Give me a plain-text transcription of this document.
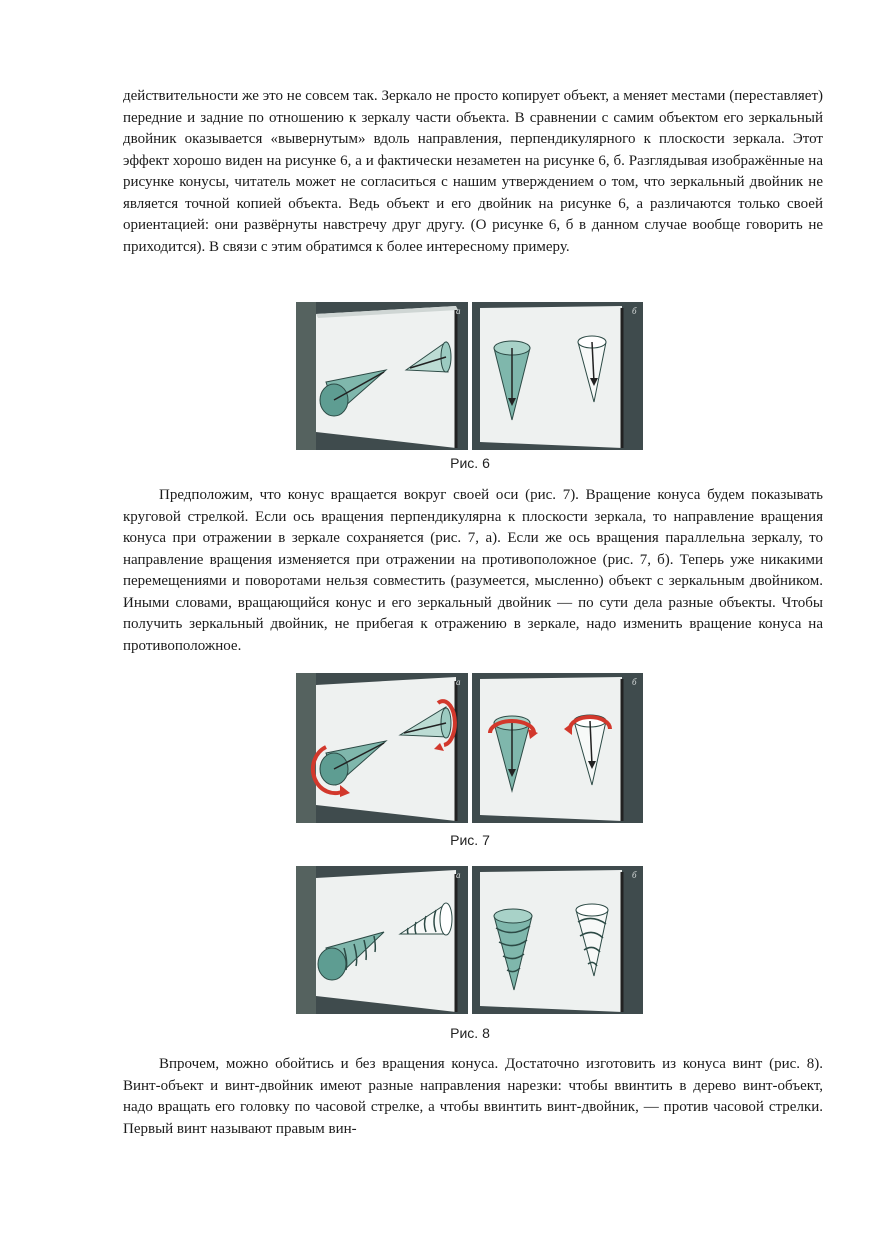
действительности же это не совсем так. Зеркало не просто копирует объект, а меняет местами (переставляет) передние и задние по отношению к зеркалу части объекта. В сравнении с самим объектом его зеркальный двойник оказывается «вывернутым» вдоль направления, перпендикулярного к плоскости зеркала. Этот эффект хорошо виден на рисунке 6, а и фактически незаметен на рисунке 6, б. Разглядывая изображённые на рисунке конусы, читатель может не согласиться с нашим утверждением о том, что зеркальный двойник не является точной копией объекта. Ведь объект и его двойник на рисунке 6, а различаются только своей ориентацией: они развёрнуты навстречу друг другу. (О рисунке 6, б в данном случае вообще говорить не приходится). В связи с этим обратимся к более интересному примеру.

а	б
Рис. 6

Предположим, что конус вращается вокруг своей оси (рис. 7). Вращение конуса будем показывать круговой стрелкой. Если ось вращения перпендикулярна к плоскости зеркала, то направление вращения конуса при отражении в зеркале сохраняется (рис. 7, а). Если же ось вращения параллельна зеркалу, то направление вращения изменяется при отражении на противоположное (рис. 7, б). Теперь уже никакими перемещениями и поворотами нельзя совместить (разумеется, мысленно) объект с зеркальным двойником. Иными словами, вращающийся конус и его зеркальный двойник — по сути дела разные объекты. Чтобы получить зеркальный двойник, не прибегая к отражению в зеркале, надо изменить вращение конуса на противоположное.

а	б
Рис. 7
а	б
Рис. 8

Впрочем, можно обойтись и без вращения конуса. Достаточно изготовить из конуса винт (рис. 8). Винт-объект и винт-двойник имеют разные направления нарезки: чтобы ввинтить в дерево винт-объект, надо вращать его головку по часовой стрелке, а чтобы ввинтить винт-двойник, — против часовой стрелки. Первый винт называют правым вин-
